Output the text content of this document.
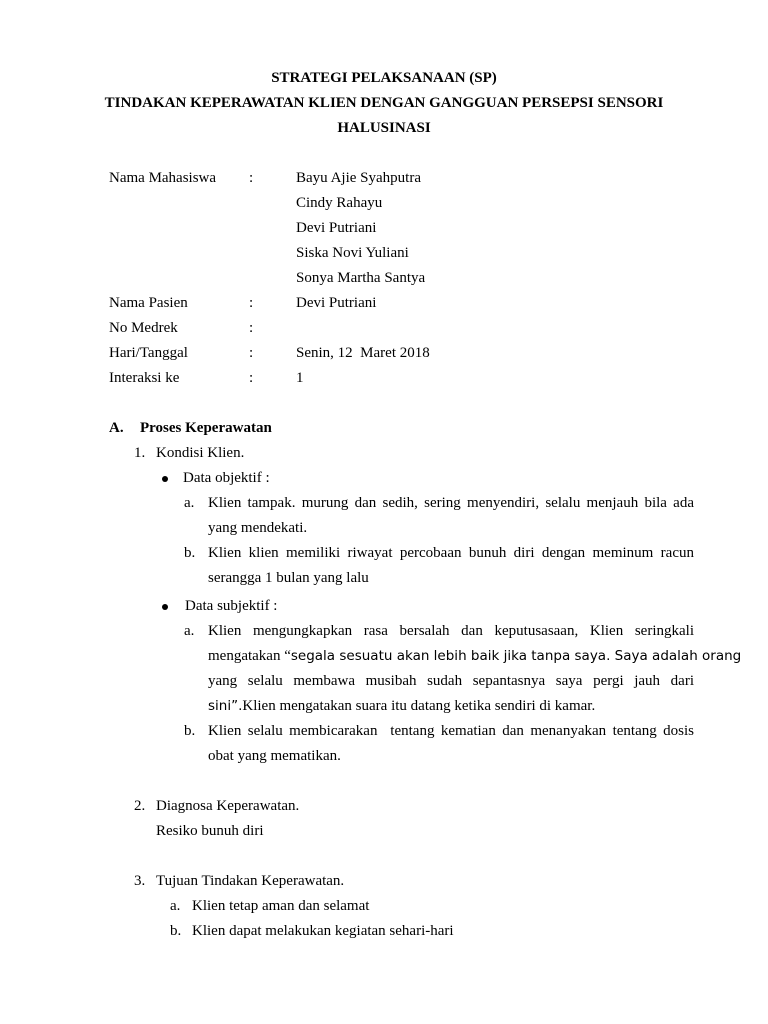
STRATEGI PELAKSANAAN (SP)
TINDAKAN KEPERAWATAN KLIEN DENGAN GANGGUAN PERSEPSI SENSORI
HALUSINASI
Nama Mahasiswa :	Bayu Ajie Syahputra
Cindy Rahayu
Devi Putriani
Siska Novi Yuliani
Sonya Martha Santya
Nama Pasien	:	Devi Putriani
No Medrek	:
Hari/Tanggal	:	Senin, 12  Maret 2018
Interaksi ke	:	1
A. Proses Keperawatan
1. Kondisi Klien.
Data objektif :
a. Klien tampak. murung dan sedih, sering menyendiri, selalu menjauh bila ada
yang mendekati.
b. Klien klien memiliki riwayat percobaan bunuh diri dengan meminum racun
serangga 1 bulan yang lalu
Data subjektif :
a. Klien mengungkapkan rasa bersalah dan keputusasaan, Klien seringkali
mengatakan “segala sesuatu akan lebih baik jika tanpa saya. Saya adalah orang
yang selalu membawa musibah sudah sepantasnya saya pergi jauh dari
sini”.Klien mengatakan suara itu datang ketika sendiri di kamar.
b. Klien selalu membicarakan  tentang kematian dan menanyakan tentang dosis
obat yang mematikan.
2. Diagnosa Keperawatan.
Resiko bunuh diri
3. Tujuan Tindakan Keperawatan.
a. Klien tetap aman dan selamat
b. Klien dapat melakukan kegiatan sehari-hari
